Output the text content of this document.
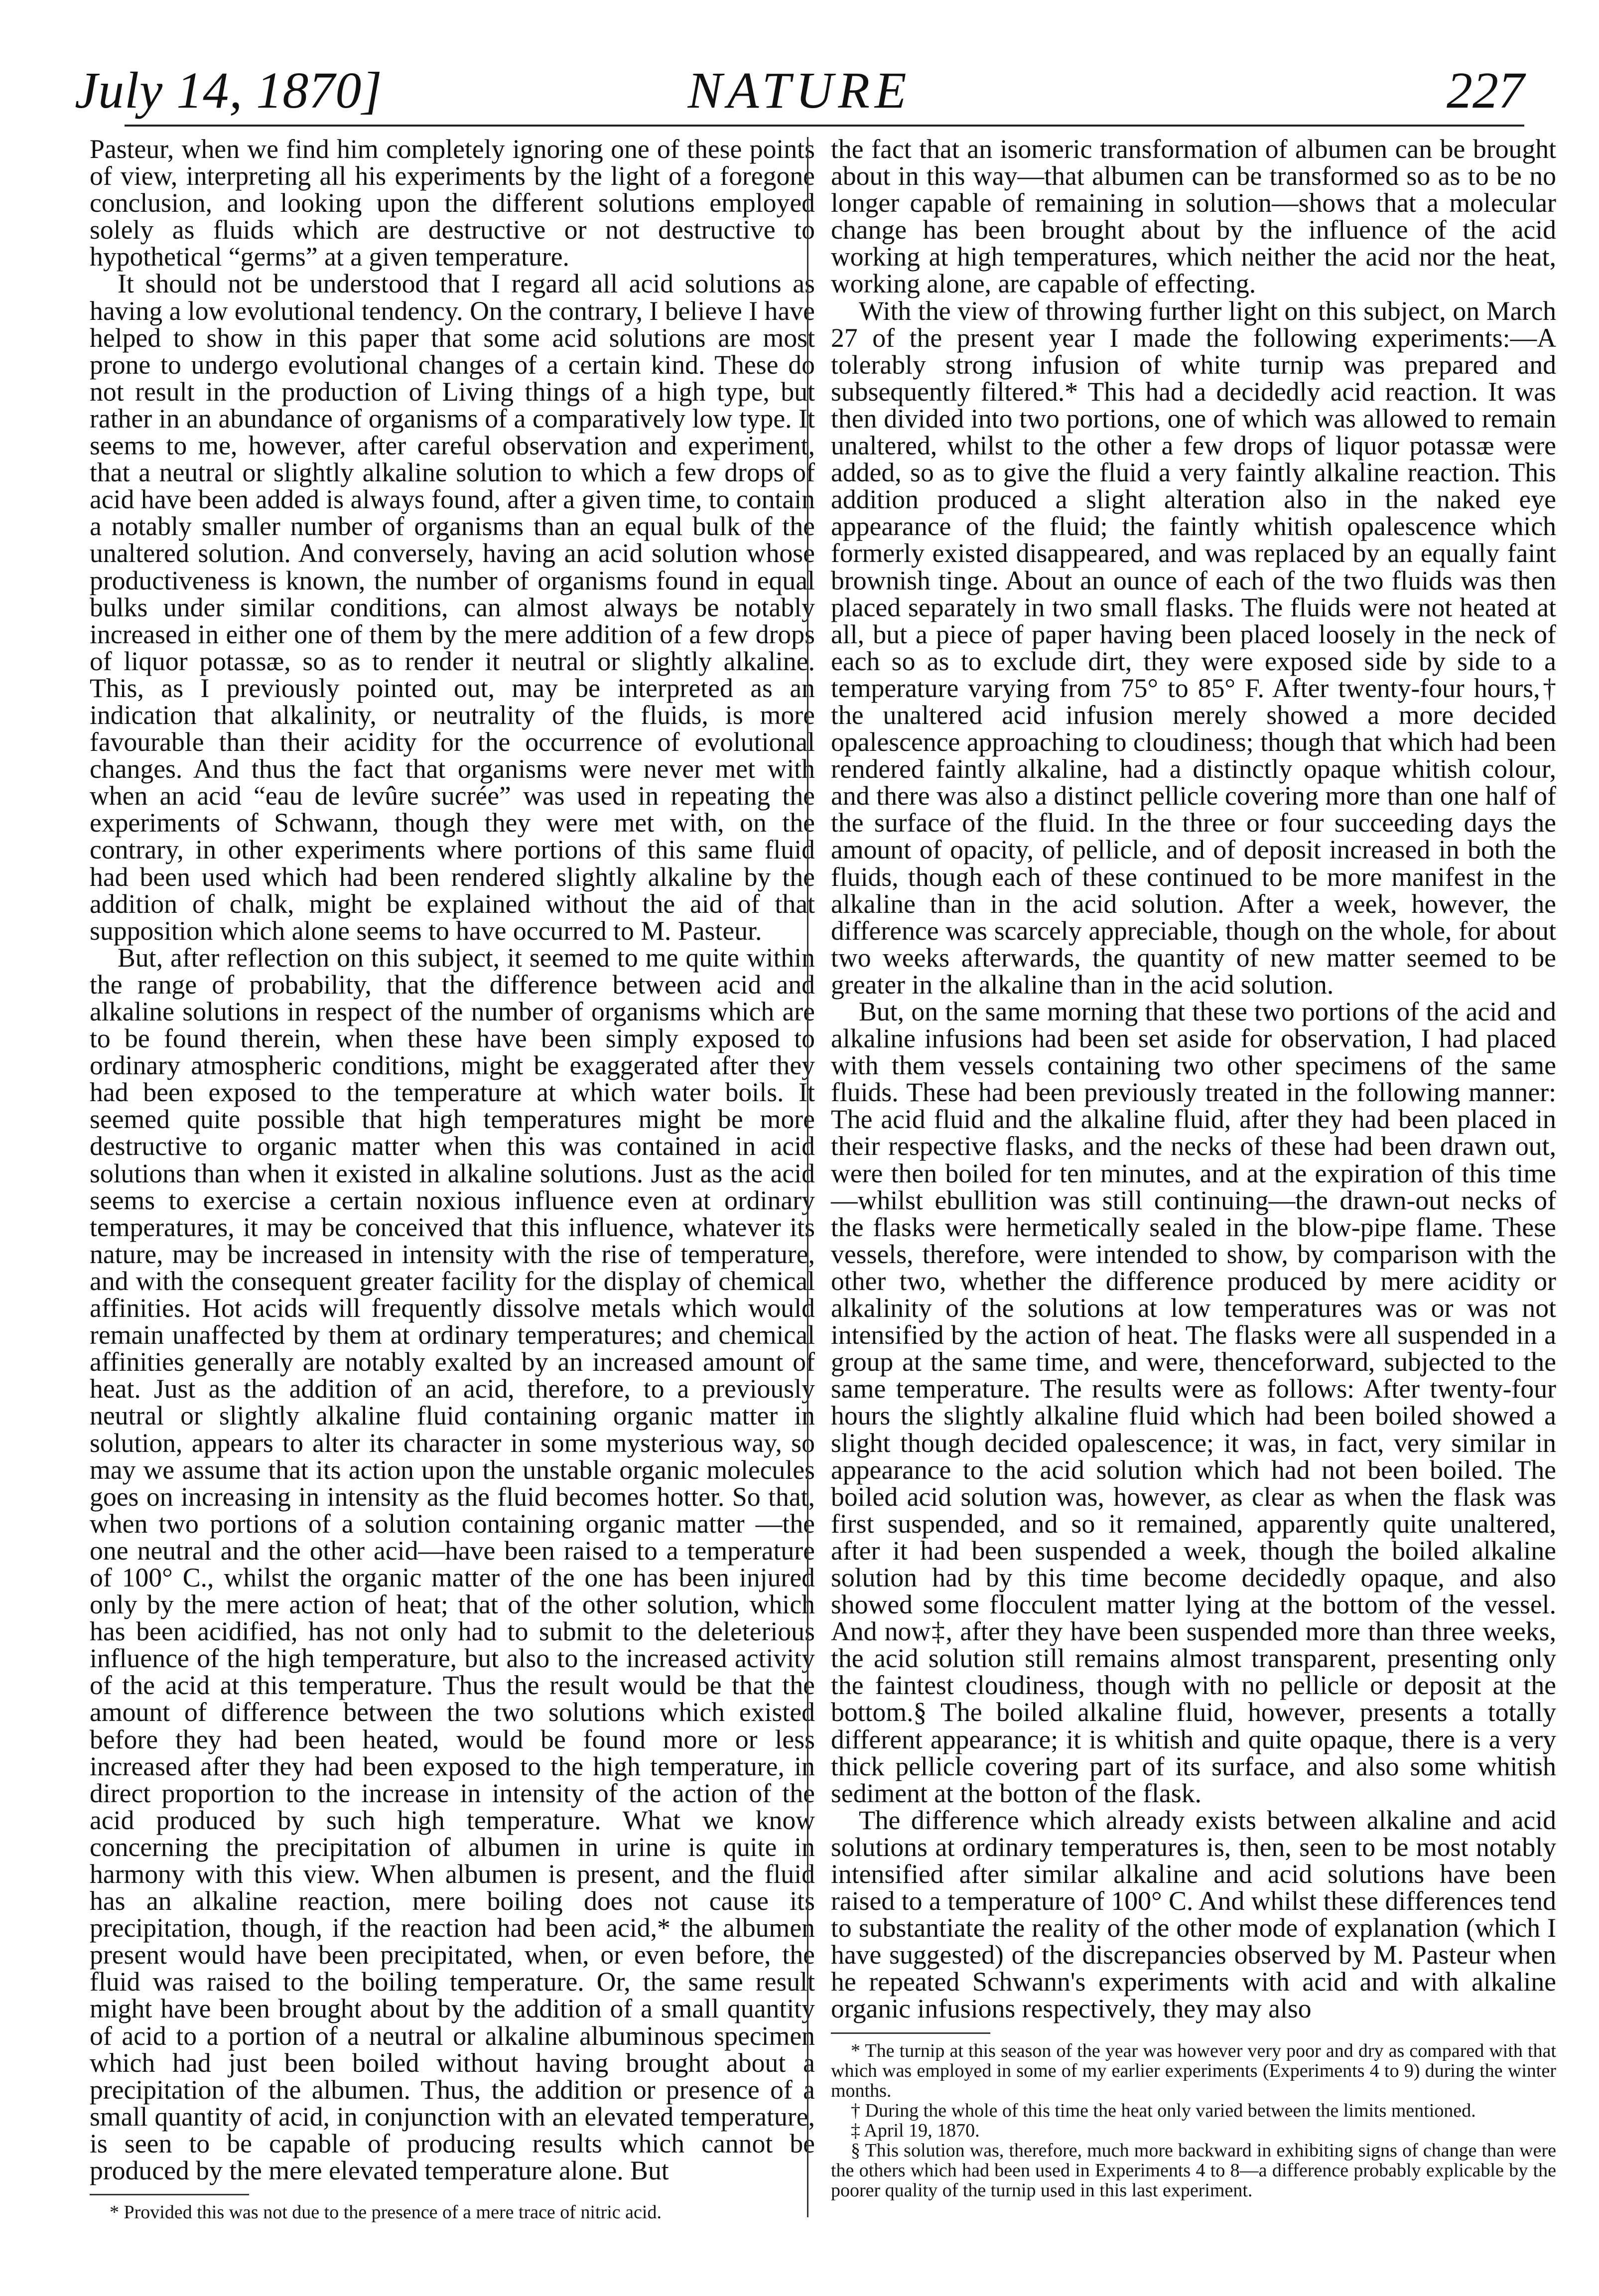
July 14, 1870]	NATURE	227

Pasteur, when we find him completely ignoring one of these points of view, interpreting all his experiments by the light of a foregone conclusion, and looking upon the different solutions employed solely as fluids which are destructive or not destructive to hypothetical “germs” at a given temperature.

It should not be understood that I regard all acid solutions as having a low evolutional tendency. On the contrary, I believe I have helped to show in this paper that some acid solutions are most prone to undergo evolutional changes of a certain kind. These do not result in the production of Living things of a high type, but rather in an abundance of organisms of a comparatively low type. It seems to me, however, after careful observation and experiment, that a neutral or slightly alkaline solution to which a few drops of acid have been added is always found, after a given time, to contain a notably smaller number of organisms than an equal bulk of the unaltered solution. And conversely, having an acid solution whose productiveness is known, the number of organisms found in equal bulks under similar conditions, can almost always be notably increased in either one of them by the mere addition of a few drops of liquor potassæ, so as to render it neutral or slightly alkaline. This, as I previously pointed out, may be interpreted as an indication that alkalinity, or neutrality of the fluids, is more favourable than their acidity for the occurrence of evolutional changes. And thus the fact that organisms were never met with when an acid “eau de levûre sucrée” was used in repeating the experiments of Schwann, though they were met with, on the contrary, in other experiments where portions of this same fluid had been used which had been rendered slightly alkaline by the addition of chalk, might be explained without the aid of that supposition which alone seems to have occurred to M. Pasteur.

But, after reflection on this subject, it seemed to me quite within the range of probability, that the difference between acid and alkaline solutions in respect of the number of organisms which are to be found therein, when these have been simply exposed to ordinary atmospheric conditions, might be exaggerated after they had been exposed to the temperature at which water boils. It seemed quite possible that high temperatures might be more destructive to organic matter when this was contained in acid solutions than when it existed in alkaline solutions. Just as the acid seems to exercise a certain noxious influence even at ordinary temperatures, it may be conceived that this influence, whatever its nature, may be increased in intensity with the rise of temperature, and with the consequent greater facility for the display of chemical affinities. Hot acids will frequently dissolve metals which would remain unaffected by them at ordinary temperatures; and chemical affinities generally are notably exalted by an increased amount of heat. Just as the addition of an acid, therefore, to a previously neutral or slightly alkaline fluid containing organic matter in solution, appears to alter its character in some mysterious way, so may we assume that its action upon the unstable organic molecules goes on increasing in intensity as the fluid becomes hotter. So that, when two portions of a solution containing organic matter —the one neutral and the other acid—have been raised to a temperature of 100° C., whilst the organic matter of the one has been injured only by the mere action of heat; that of the other solution, which has been acidified, has not only had to submit to the deleterious influence of the high temperature, but also to the increased activity of the acid at this temperature. Thus the result would be that the amount of difference between the two solutions which existed before they had been heated, would be found more or less increased after they had been exposed to the high temperature, in direct proportion to the increase in intensity of the action of the acid produced by such high temperature. What we know concerning the precipitation of albumen in urine is quite in harmony with this view. When albumen is present, and the fluid has an alkaline reaction, mere boiling does not cause its precipitation, though, if the reaction had been acid,* the albumen present would have been precipitated, when, or even before, the fluid was raised to the boiling temperature. Or, the same result might have been brought about by the addition of a small quantity of acid to a portion of a neutral or alkaline albuminous specimen which had just been boiled without having brought about a precipitation of the albumen. Thus, the addition or presence of a small quantity of acid, in conjunction with an elevated temperature, is seen to be capable of producing results which cannot be produced by the mere elevated temperature alone. But

* Provided this was not due to the presence of a mere trace of nitric acid.

the fact that an isomeric transformation of albumen can be brought about in this way—that albumen can be transformed so as to be no longer capable of remaining in solution—shows that a molecular change has been brought about by the influence of the acid working at high temperatures, which neither the acid nor the heat, working alone, are capable of effecting.

With the view of throwing further light on this subject, on March 27 of the present year I made the following experiments:—A tolerably strong infusion of white turnip was prepared and subsequently filtered.* This had a decidedly acid reaction. It was then divided into two portions, one of which was allowed to remain unaltered, whilst to the other a few drops of liquor potassæ were added, so as to give the fluid a very faintly alkaline reaction. This addition produced a slight alteration also in the naked eye appearance of the fluid; the faintly whitish opalescence which formerly existed disappeared, and was replaced by an equally faint brownish tinge. About an ounce of each of the two fluids was then placed separately in two small flasks. The fluids were not heated at all, but a piece of paper having been placed loosely in the neck of each so as to exclude dirt, they were exposed side by side to a temperature varying from 75° to 85° F. After twenty-four hours,† the unaltered acid infusion merely showed a more decided opalescence approaching to cloudiness; though that which had been rendered faintly alkaline, had a distinctly opaque whitish colour, and there was also a distinct pellicle covering more than one half of the surface of the fluid. In the three or four succeeding days the amount of opacity, of pellicle, and of deposit increased in both the fluids, though each of these continued to be more manifest in the alkaline than in the acid solution. After a week, however, the difference was scarcely appreciable, though on the whole, for about two weeks afterwards, the quantity of new matter seemed to be greater in the alkaline than in the acid solution.

But, on the same morning that these two portions of the acid and alkaline infusions had been set aside for observation, I had placed with them vessels containing two other specimens of the same fluids. These had been previously treated in the following manner: The acid fluid and the alkaline fluid, after they had been placed in their respective flasks, and the necks of these had been drawn out, were then boiled for ten minutes, and at the expiration of this time—whilst ebullition was still continuing—the drawn-out necks of the flasks were hermetically sealed in the blow-pipe flame. These vessels, therefore, were intended to show, by comparison with the other two, whether the difference produced by mere acidity or alkalinity of the solutions at low temperatures was or was not intensified by the action of heat. The flasks were all suspended in a group at the same time, and were, thenceforward, subjected to the same temperature. The results were as follows: After twenty-four hours the slightly alkaline fluid which had been boiled showed a slight though decided opalescence; it was, in fact, very similar in appearance to the acid solution which had not been boiled. The boiled acid solution was, however, as clear as when the flask was first suspended, and so it remained, apparently quite unaltered, after it had been suspended a week, though the boiled alkaline solution had by this time become decidedly opaque, and also showed some flocculent matter lying at the bottom of the vessel. And now‡, after they have been suspended more than three weeks, the acid solution still remains almost transparent, presenting only the faintest cloudiness, though with no pellicle or deposit at the bottom.§ The boiled alkaline fluid, however, presents a totally different appearance; it is whitish and quite opaque, there is a very thick pellicle covering part of its surface, and also some whitish sediment at the botton of the flask.

The difference which already exists between alkaline and acid solutions at ordinary temperatures is, then, seen to be most notably intensified after similar alkaline and acid solutions have been raised to a temperature of 100° C. And whilst these differences tend to substantiate the reality of the other mode of explanation (which I have suggested) of the discrepancies observed by M. Pasteur when he repeated Schwann's experiments with acid and with alkaline organic infusions respectively, they may also

* The turnip at this season of the year was however very poor and dry as compared with that which was employed in some of my earlier experiments (Experiments 4 to 9) during the winter months.

† During the whole of this time the heat only varied between the limits mentioned.

‡ April 19, 1870.

§ This solution was, therefore, much more backward in exhibiting signs of change than were the others which had been used in Experiments 4 to 8—a difference probably explicable by the poorer quality of the turnip used in this last experiment.
